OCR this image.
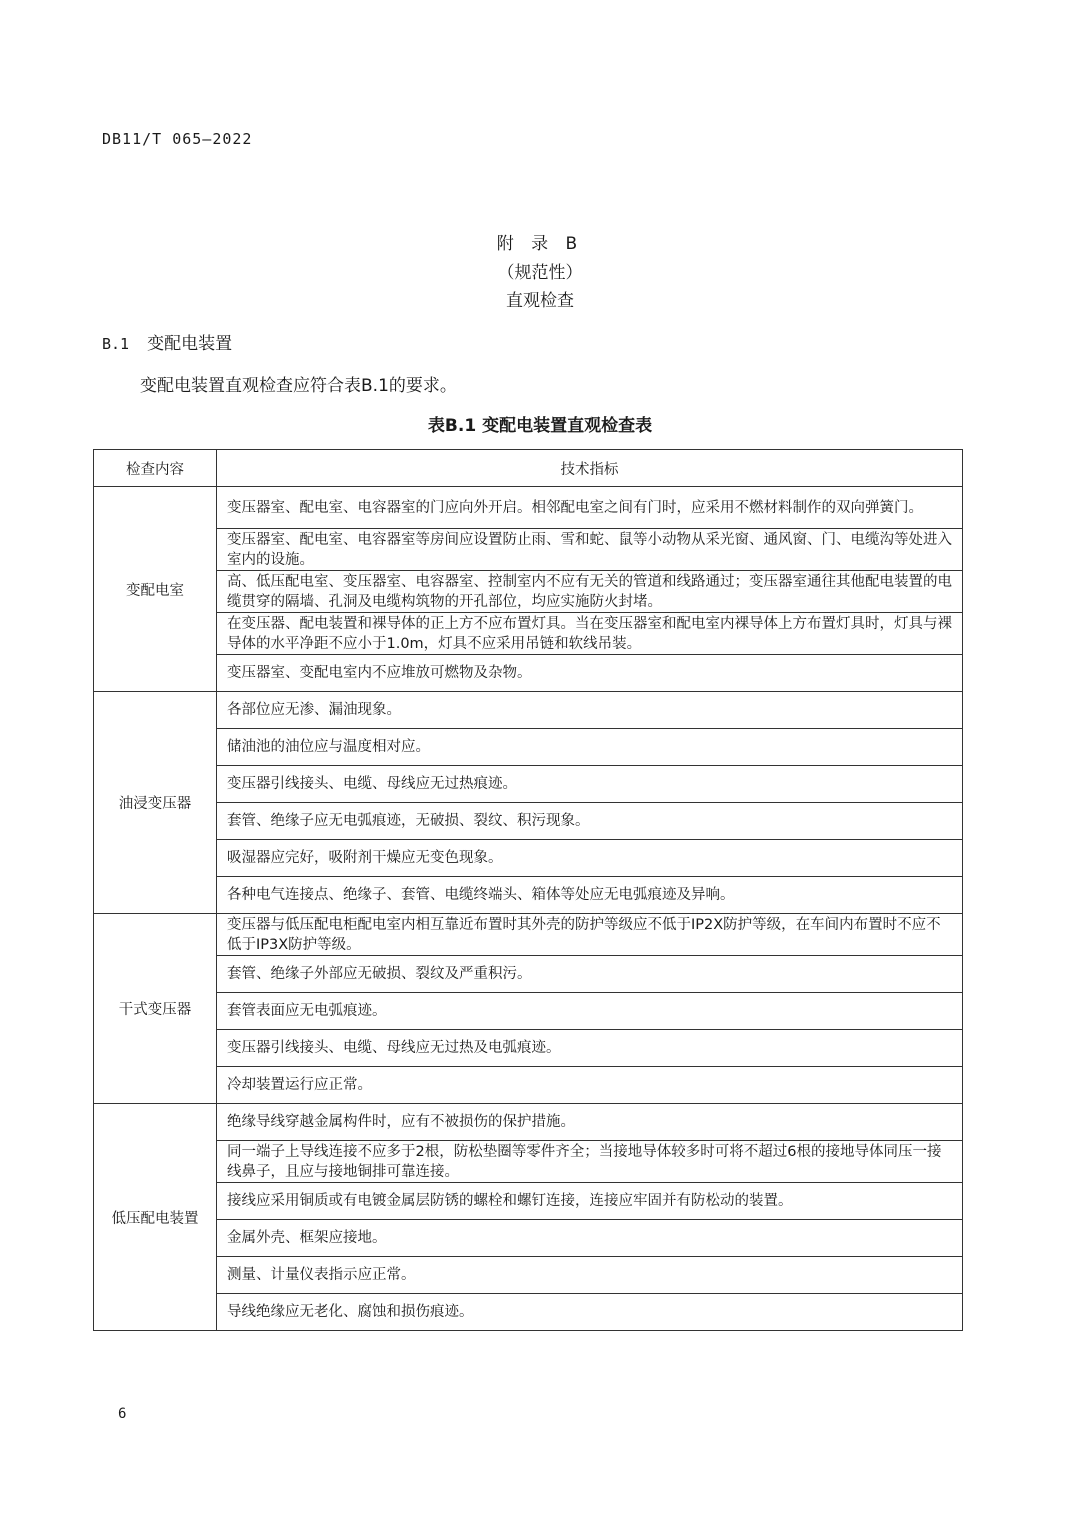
DB11/T 065—2022
附 录 B
（规范性）
直观检查
B.1 变配电装置
变配电装置直观检查应符合表B.1的要求。
表B.1 变配电装置直观检查表
检查内容	技术指标
变配电室	变压器室、配电室、电容器室的门应向外开启。相邻配电室之间有门时，应采用不燃材料制作的双向弹簧门。
	变压器室、配电室、电容器室等房间应设置防止雨、雪和蛇、鼠等小动物从采光窗、通风窗、门、电缆沟等处进入室内的设施。
	高、低压配电室、变压器室、电容器室、控制室内不应有无关的管道和线路通过；变压器室通往其他配电装置的电缆贯穿的隔墙、孔洞及电缆构筑物的开孔部位，均应实施防火封堵。
	在变压器、配电装置和裸导体的正上方不应布置灯具。当在变压器室和配电室内裸导体上方布置灯具时，灯具与裸导体的水平净距不应小于1.0m，灯具不应采用吊链和软线吊装。
	变压器室、变配电室内不应堆放可燃物及杂物。
油浸变压器	各部位应无渗、漏油现象。
	储油池的油位应与温度相对应。
	变压器引线接头、电缆、母线应无过热痕迹。
	套管、绝缘子应无电弧痕迹，无破损、裂纹、积污现象。
	吸湿器应完好，吸附剂干燥应无变色现象。
	各种电气连接点、绝缘子、套管、电缆终端头、箱体等处应无电弧痕迹及异响。
干式变压器	变压器与低压配电柜配电室内相互靠近布置时其外壳的防护等级应不低于IP2X防护等级，在车间内布置时不应不低于IP3X防护等级。
	套管、绝缘子外部应无破损、裂纹及严重积污。
	套管表面应无电弧痕迹。
	变压器引线接头、电缆、母线应无过热及电弧痕迹。
	冷却装置运行应正常。
低压配电装置	绝缘导线穿越金属构件时，应有不被损伤的保护措施。
	同一端子上导线连接不应多于2根，防松垫圈等零件齐全；当接地导体较多时可将不超过6根的接地导体同压一接线鼻子，且应与接地铜排可靠连接。
	接线应采用铜质或有电镀金属层防锈的螺栓和螺钉连接，连接应牢固并有防松动的装置。
	金属外壳、框架应接地。
	测量、计量仪表指示应正常。
	导线绝缘应无老化、腐蚀和损伤痕迹。
6
